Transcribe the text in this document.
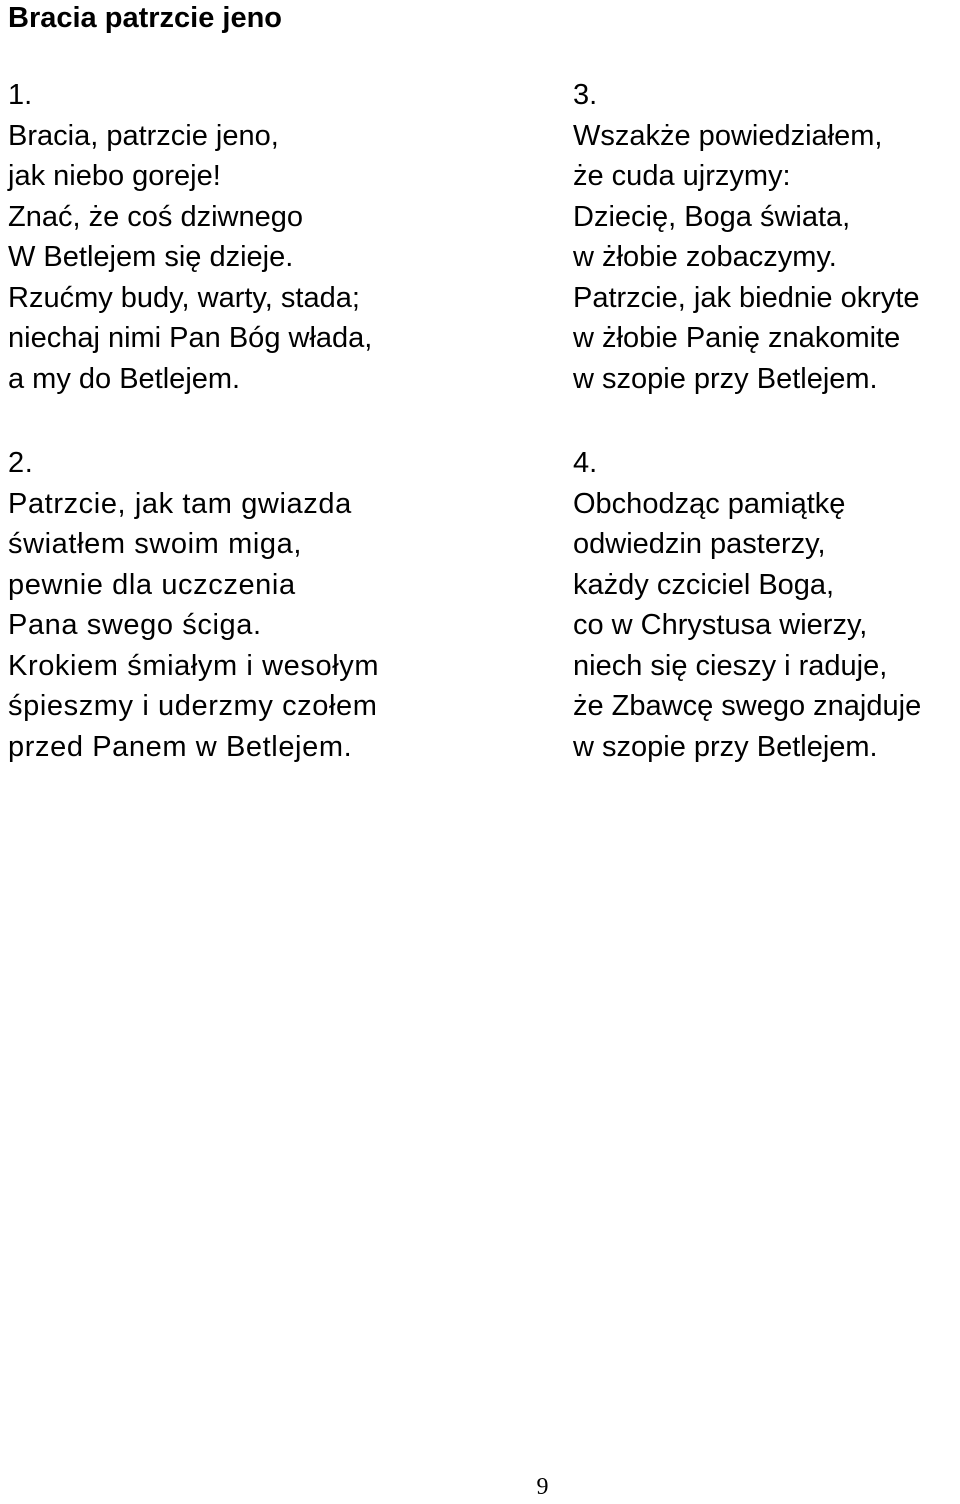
Bracia patrzcie jeno
1.
Bracia, patrzcie jeno,
jak niebo goreje!
Znać, że coś dziwnego
W Betlejem się dzieje.
Rzućmy budy, warty, stada;
niechaj nimi Pan Bóg włada,
a my do Betlejem.
2.
Patrzcie, jak tam gwiazda
światłem swoim miga,
pewnie dla uczczenia
Pana swego ściga.
Krokiem śmiałym i wesołym
śpieszmy i uderzmy czołem
przed Panem w Betlejem.
3.
Wszakże powiedziałem,
że cuda ujrzymy:
Dziecię, Boga świata,
w żłobie zobaczymy.
Patrzcie, jak biednie okryte
w żłobie Panię znakomite
w szopie przy Betlejem.
4.
Obchodząc pamiątkę
odwiedzin pasterzy,
każdy czciciel Boga,
co w Chrystusa wierzy,
niech się cieszy i raduje,
że Zbawcę swego znajduje
w szopie przy Betlejem.
9
